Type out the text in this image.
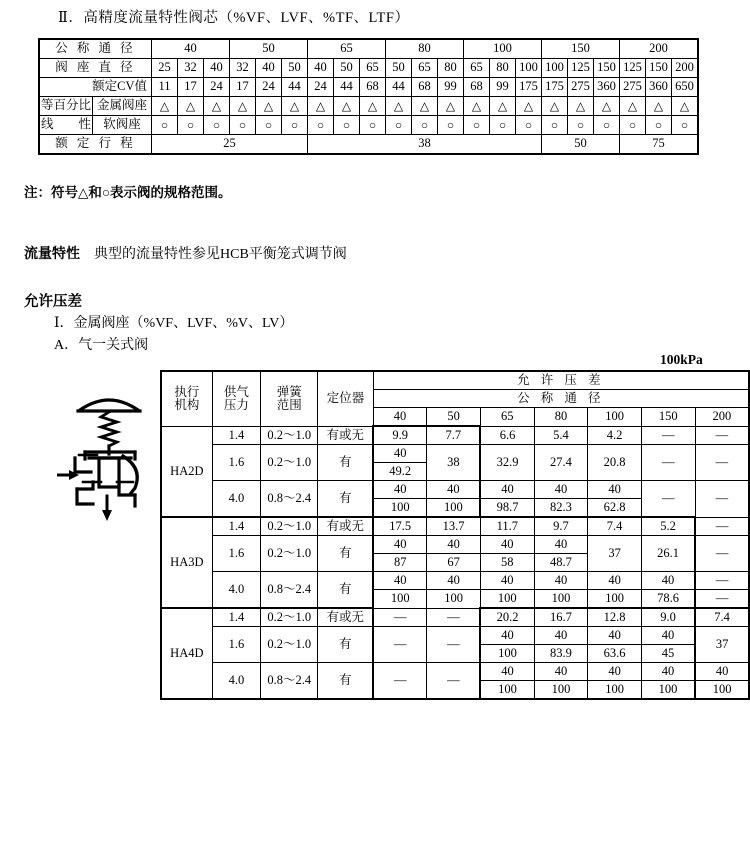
Ⅱ．高精度流量特性阀芯（%VF、LVF、%TF、LTF）
公 称 通 径		40			50			65			80			100			150			200		
阀 座 直 径		25	32	40	32	40	50	40	50	65	50	65	80	65	80	100	100	125	150	125	150	200
额定CV值		11	17	24	17	24	44	24	44	68	44	68	99	68	99	175	175	275	360	275	360	650
等百分比	金属阀座	△	△	△	△	△	△	△	△	△	△	△	△	△	△	△	△	△	△	△	△	△
线　　性	软阀座	○	○	○	○	○	○	○	○	○	○	○	○	○	○	○	○	○	○	○	○	○
额 定 行 程		25						38									50			75		
注：符号△和○表示阀的规格范围。
流量特性 典型的流量特性参见HCB平衡笼式调节阀
允许压差
Ⅰ．金属阀座（%VF、LVF、%V、LV）
A．气一关式阀
100kPa
执行
机构

供气
压力

弹簧
范围	定位器	允 许 压 差
				公 称 通 径						
				40	50	65	80	100	150	200
HA2D	1.4	0.2～1.0	有或无	9.9	7.7	6.6	5.4	4.2	—	—
	1.6	0.2～1.0	有	40	38	32.9	27.4	20.8	—	—
				49.2						
	4.0	0.8～2.4	有	40	40	40	40	40	—	—
				100	100	98.7	82.3	62.8		
HA3D	1.4	0.2～1.0	有或无	17.5	13.7	11.7	9.7	7.4	5.2	—
	1.6	0.2～1.0	有	40	40	40	40	37	26.1	—
				87	67	58	48.7			
	4.0	0.8～2.4	有	40	40	40	40	40	40	—
				100	100	100	100	100	78.6	—
HA4D	1.4	0.2～1.0	有或无	—	—	20.2	16.7	12.8	9.0	7.4
	1.6	0.2～1.0	有	—	—	40	40	40	40	37
						100	83.9	63.6	45	
	4.0	0.8～2.4	有	—	—	40	40	40	40	40
						100	100	100	100	100
